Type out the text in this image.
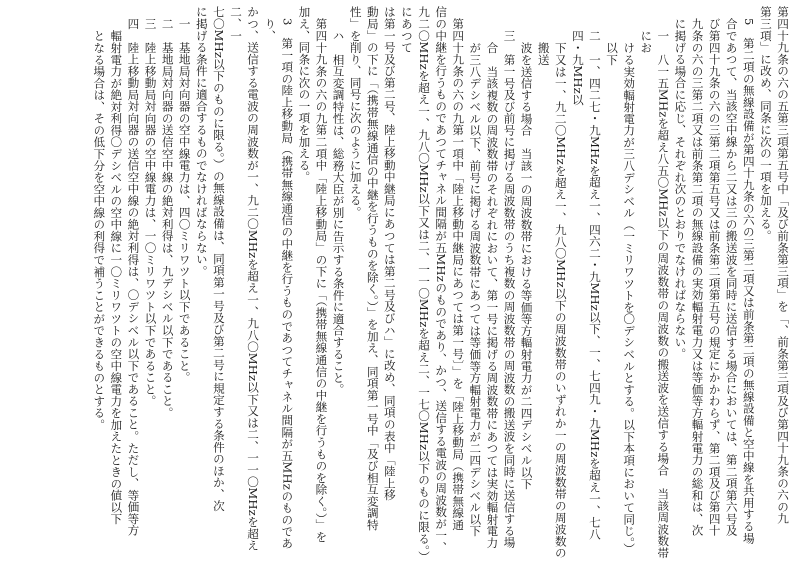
第四十九条の六の五第三項第五号中「及び前条第三項」を「、前条第三項及び第四十九条の六の九

第三項」に改め、同条に次の一項を加える。

5　第二項の無線設備が第四十九条の六の三第二項又は前条第二項の無線設備と空中線を共用する場

合であつて、当該空中線から二又は三の搬送波を同時に送信する場合においては、第二項第六号及

び第四十九条の六の三第二項第五号又は前条第二項第五号の規定にかかわらず、第二項及び第四十

九条の六の三第二項又は前条第二項の無線設備の実効輻射電力又は等価等方輻射電力の総和は、次

に掲げる場合に応じ、それぞれ次のとおりでなければならない。

一　八一五MHzを超え八五〇MHz以下の周波数帯の周波数の搬送波を送信する場合　当該周波数帯にお

ける実効輻射電力が三八デシベル（一ミリワツトを〇デシベルとする。以下本項において同じ。）

以下

二　一、四二七・九MHzを超え一、四六二・九MHz以下、一、七四九・九MHzを超え一、七八四・九MHz以

下又は一、九二〇MHzを超え一、九八〇MHz以下の周波数帯のいずれか一の周波数帯の周波数の搬送

波を送信する場合　当該一の周波数帯における等価等方輻射電力が二四デシベル以下

三　第一号及び前号に掲げる周波数帯のうち複数の周波数帯の周波数の搬送波を同時に送信する場

合　当該複数の周波数帯のそれぞれにおいて、第一号に掲げる周波数帯にあつては実効輻射電力

が三八デシベル以下、前号に掲げる周波数帯にあつては等価等方輻射電力が二四デシベル以下

第四十九条の六の九第一項中「陸上移動中継局にあつては第一号〕」を「陸上移動局（携帯無線通

信の中継を行うものであつてチャネル間隔が五MHzのものであり、かつ、送信する電波の周波数が一、

九二〇MHzを超え一、九八〇MHz以下又は二、一一〇MHzを超え二、一七〇MHz以下のものに限る。）にあつて

は第一号及び第二号、陸上移動中継局にあつては第二号及びハ」に改め、同項の表中「陸上移

動局」の下に「（携帯無線通信の中継を行うものを除く。）」を加え、同項第一号中「及び相互変調特

性」を削り、同号に次のように加える。

ハ　相互変調特性は、総務大臣が別に告示する条件に適合すること。

第四十九条の六の九第二項中「陸上移動局」の下に「（携帯無線通信の中継を行うものを除く。）」を

加え、同条に次の一項を加える。

3　第一項の陸上移動局（携帯無線通信の中継を行うものであつてチャネル間隔が五MHzのものであり、

かつ、送信する電波の周波数が一、九二〇MHzを超え一、九八〇MHz以下又は二、一一〇MHzを超え二、一

七〇MHz以下のものに限る。）の無線設備は、同項第一号及び第二号に規定する条件のほか、次

に掲げる条件に適合するものでなければならない。

一　基地局対向器の空中線電力は、四〇ミリワツト以下であること。

二　基地局対向器の送信空中線の絶対利得は、九デシベル以下であること。

三　陸上移動局対向器の空中線電力は、一〇ミリワツト以下であること。

四　陸上移動局対向器の送信空中線の絶対利得は、〇デシベル以下であること。ただし、等価等方

輻射電力が絶対利得〇デシベルの空中線に一〇ミリワツトの空中線電力を加えたときの値以下

となる場合は、その低下分を空中線の利得で補うことができるものとする。
